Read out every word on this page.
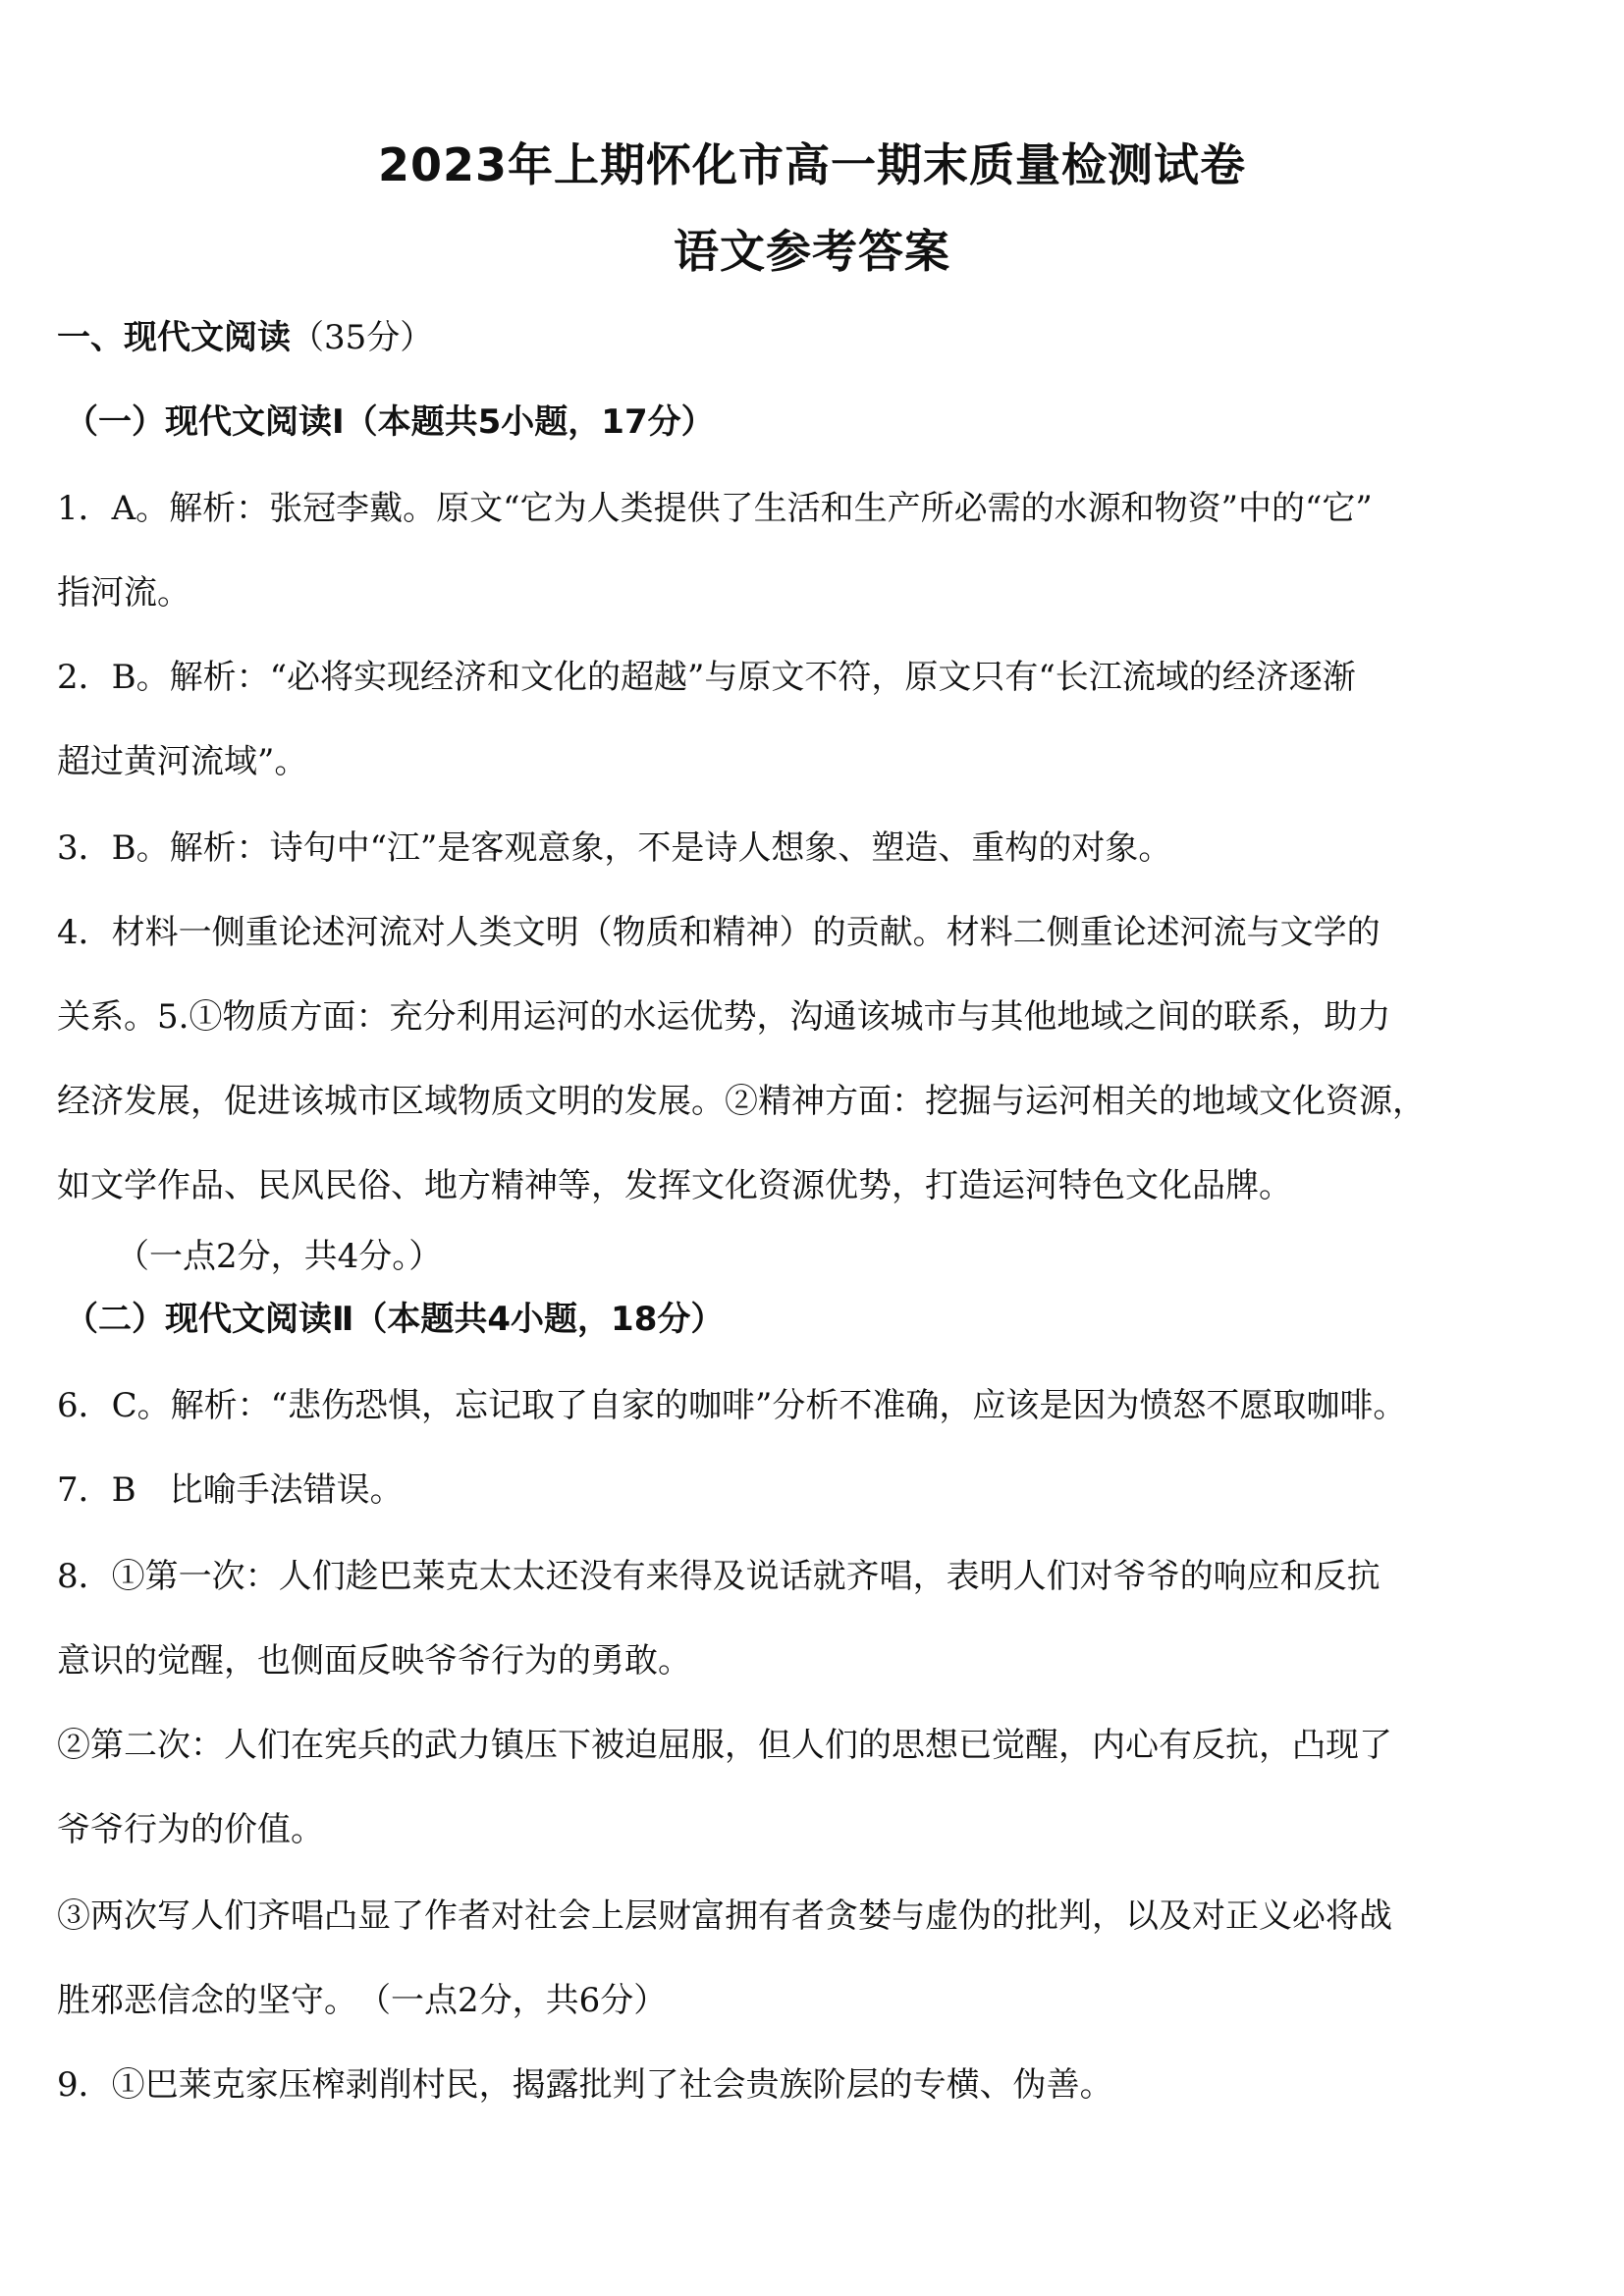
2023年上期怀化市高一期末质量检测试卷
语文参考答案
一、现代文阅读（35分）
（一）现代文阅读Ⅰ（本题共5小题，17分）
1．A。解析：张冠李戴。原文“它为人类提供了生活和生产所必需的水源和物资”中的“它”
指河流。
2．B。解析：“必将实现经济和文化的超越”与原文不符，原文只有“长江流域的经济逐渐
超过黄河流域”。
3．B。解析：诗句中“江”是客观意象，不是诗人想象、塑造、重构的对象。
4．材料一侧重论述河流对人类文明（物质和精神）的贡献。材料二侧重论述河流与文学的
关系。5.①物质方面：充分利用运河的水运优势，沟通该城市与其他地域之间的联系，助力
经济发展，促进该城市区域物质文明的发展。②精神方面：挖掘与运河相关的地域文化资源，
如文学作品、民风民俗、地方精神等，发挥文化资源优势，打造运河特色文化品牌。
（一点2分，共4分。）
（二）现代文阅读Ⅱ（本题共4小题，18分）
6．C。解析：“悲伤恐惧，忘记取了自家的咖啡”分析不准确，应该是因为愤怒不愿取咖啡。
7．B　比喻手法错误。
8．①第一次：人们趁巴莱克太太还没有来得及说话就齐唱，表明人们对爷爷的响应和反抗
意识的觉醒，也侧面反映爷爷行为的勇敢。
②第二次：人们在宪兵的武力镇压下被迫屈服，但人们的思想已觉醒，内心有反抗，凸现了
爷爷行为的价值。
③两次写人们齐唱凸显了作者对社会上层财富拥有者贪婪与虚伪的批判，以及对正义必将战
胜邪恶信念的坚守。　（一点2分，共6分）
9．①巴莱克家压榨剥削村民，揭露批判了社会贵族阶层的专横、伪善。
